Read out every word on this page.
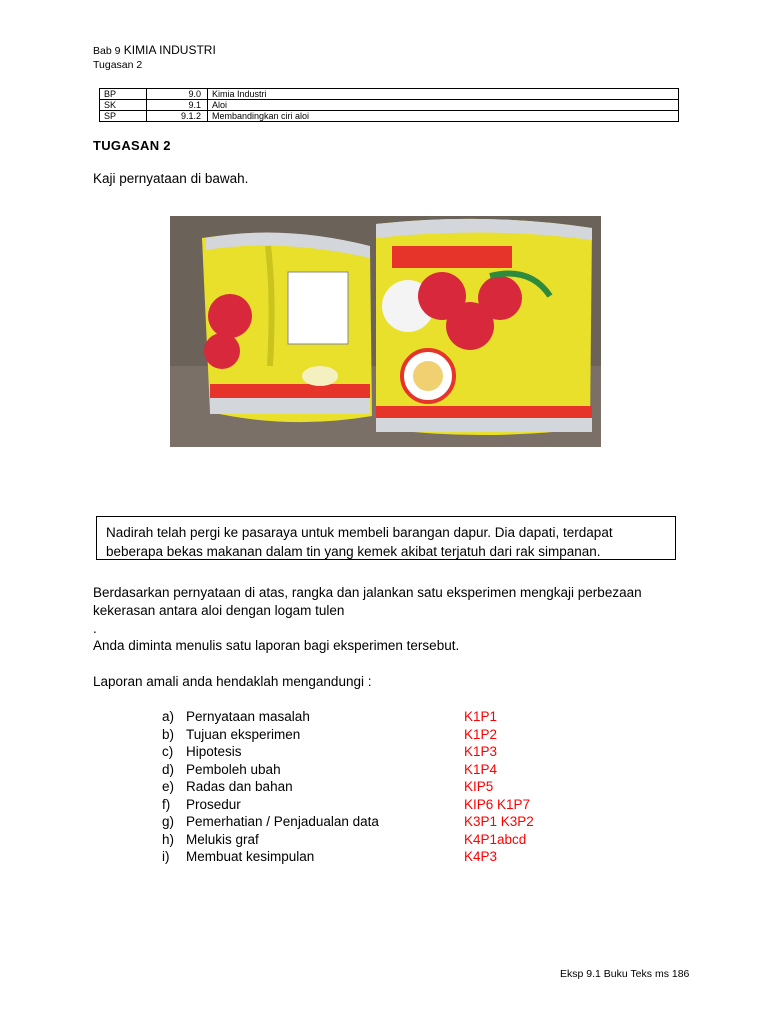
Bab 9 KIMIA INDUSTRI
Tugasan 2
BP	9.0	Kimia Industri
SK	9.1	Aloi
SP	9.1.2	Membandingkan ciri aloi
TUGASAN 2
Kaji pernyataan di bawah.
Nadirah telah pergi ke pasaraya untuk membeli barangan dapur. Dia dapati, terdapat beberapa bekas makanan dalam tin yang kemek akibat terjatuh dari rak simpanan.
Berdasarkan pernyataan di atas, rangka dan jalankan satu eksperimen mengkaji perbezaan kekerasan antara aloi dengan logam tulen
.
Anda diminta menulis satu laporan bagi eksperimen tersebut.
Laporan amali anda hendaklah mengandungi :
a) Pernyataan masalah	K1P1
b) Tujuan eksperimen	K1P2
c) Hipotesis	K1P3
d) Pemboleh ubah	K1P4
e) Radas dan bahan	KIP5
f) Prosedur	KIP6 K1P7
g) Pemerhatian / Penjadualan data	K3P1 K3P2
h) Melukis graf	K4P1abcd
i) Membuat kesimpulan	K4P3
Eksp 9.1 Buku Teks ms 186
